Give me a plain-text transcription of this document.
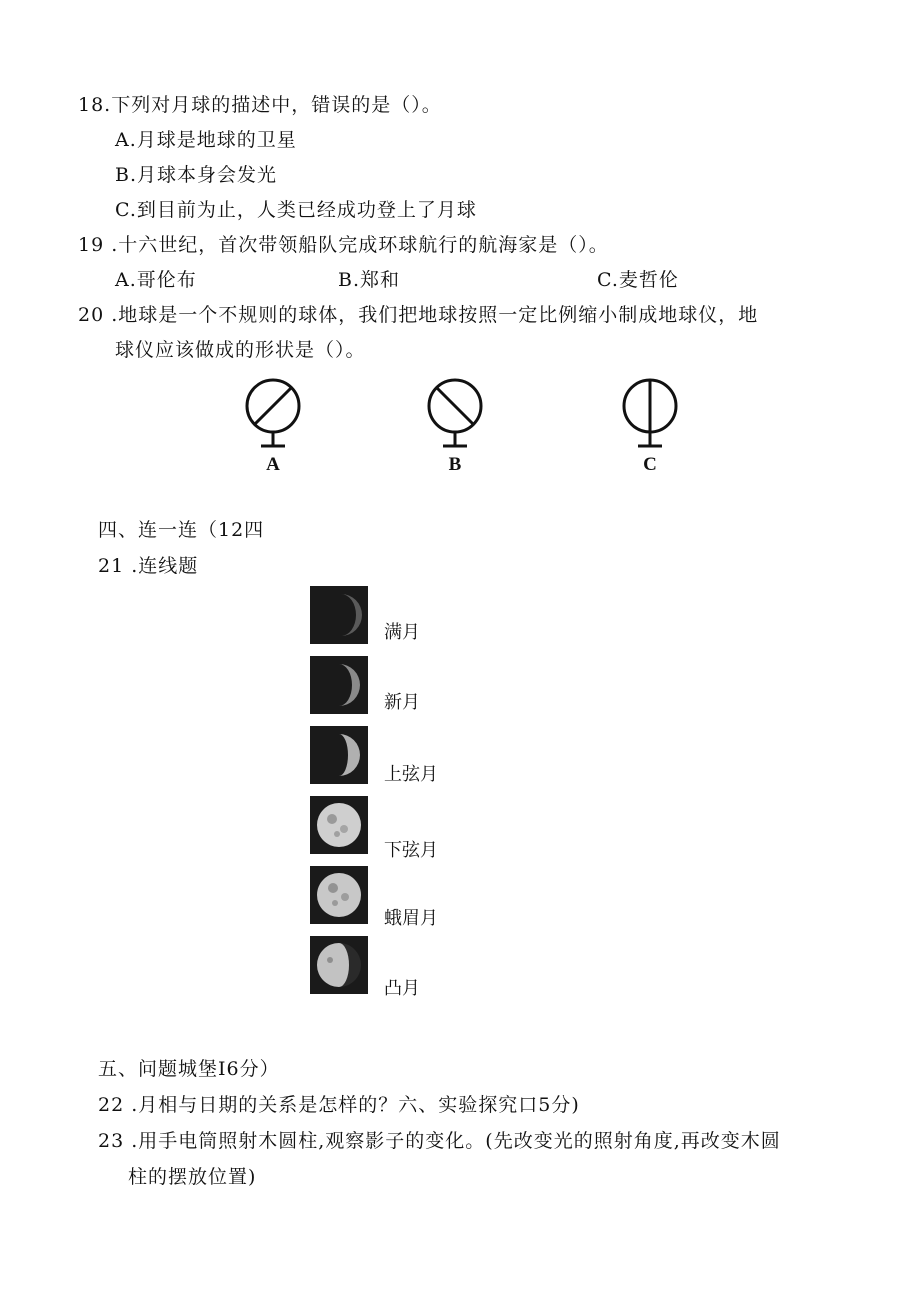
18.下列对月球的描述中，错误的是（）。
A.月球是地球的卫星
B.月球本身会发光
C.到目前为止，人类已经成功登上了月球
19 .十六世纪，首次带领船队完成环球航行的航海家是（）。
A.哥伦布	B.郑和	C.麦哲伦
20 .地球是一个不规则的球体，我们把地球按照一定比例缩小制成地球仪，地
球仪应该做成的形状是（）。
A	B	C
四、连一连（12四
21 .连线题
满月
新月
上弦月
下弦月
蛾眉月
凸月
五、问题城堡I6分）
22 .月相与日期的关系是怎样的？六、实验探究口5分)
23 .用手电筒照射木圆柱,观察影子的变化。(先改变光的照射角度,再改变木圆
柱的摆放位置)
